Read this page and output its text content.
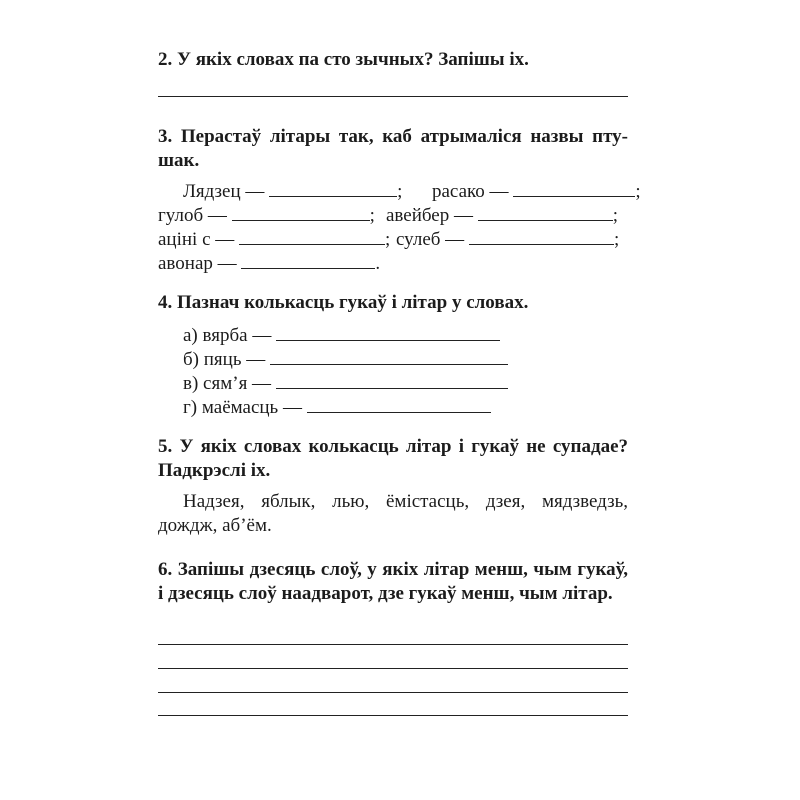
2. У якіх словах па сто зычных? Запішы іх.
3. Перастаў літары так, каб атрымаліся назвы птушак.
Лядзец —	; расако —	;
гулоб —	; авейбер —	;
аціні с —	; сулеб —	;
авонар —	.
4. Пазнач колькасць гукаў і літар у словах.
а) вярба —
б) пяць —
в) сям’я —
г) маёмасць —
5. У якіх словах колькасць літар і гукаў не супадае? Падкрэслі іх.
Надзея, яблык, лью, ёмістасць, дзея, мядзведзь, дождж, аб’ём.
6. Запішы дзесяць слоў, у якіх літар менш, чым гукаў, і дзесяць слоў наадварот, дзе гукаў менш, чым літар.
